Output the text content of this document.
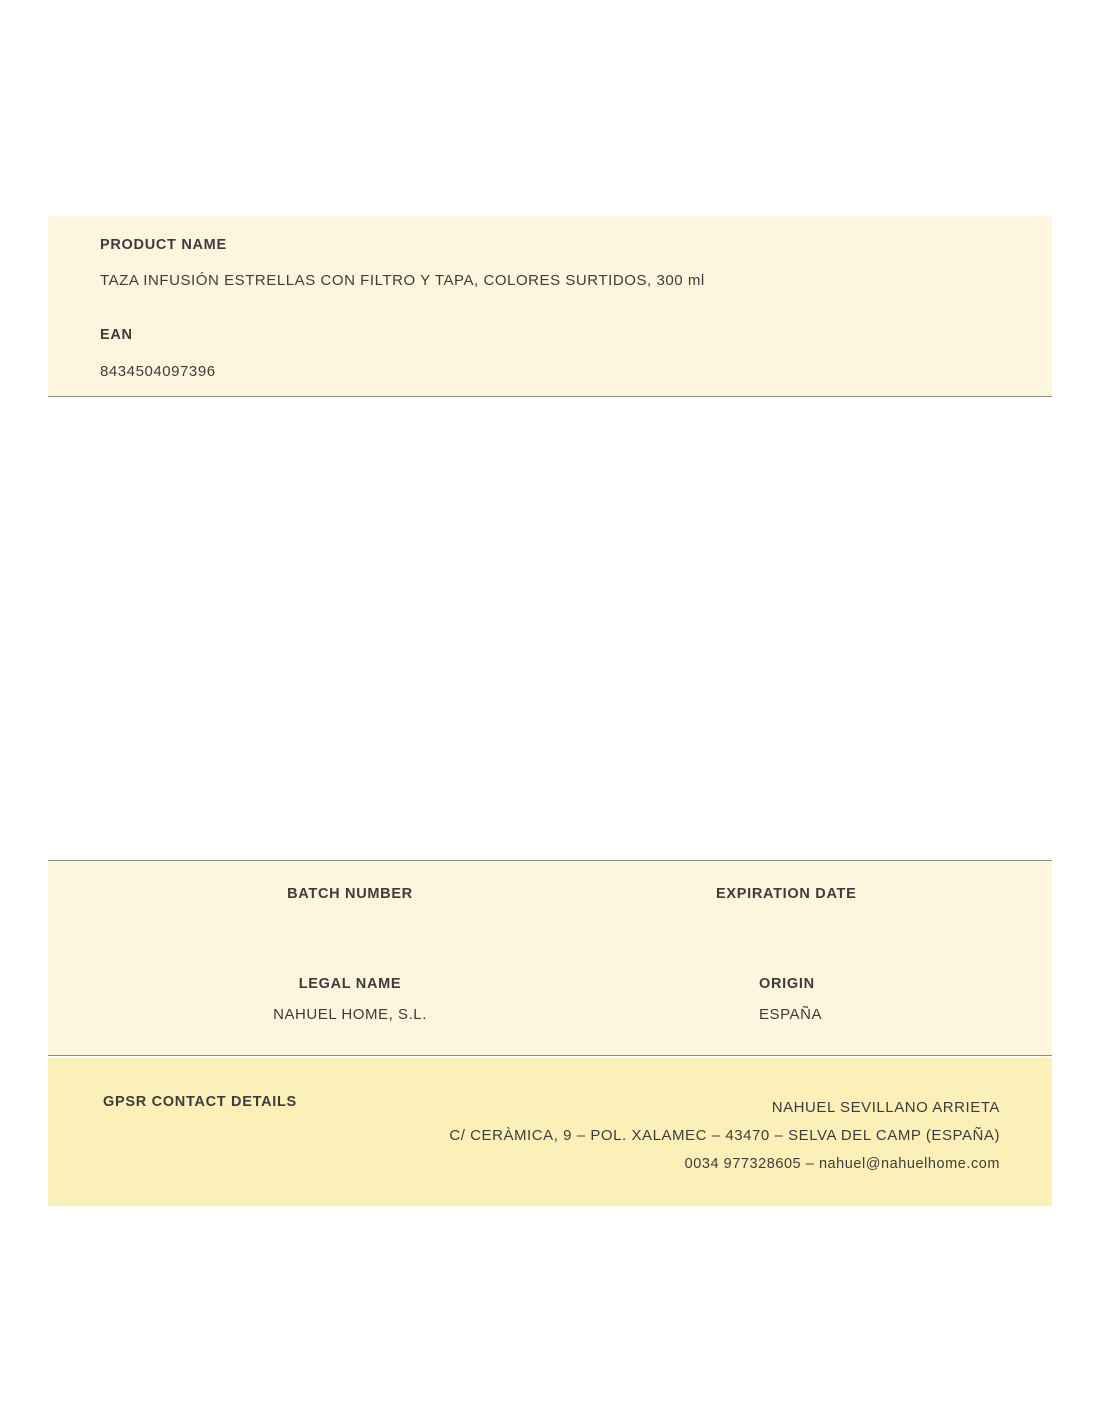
PRODUCT NAME
TAZA INFUSIÓN ESTRELLAS CON FILTRO Y TAPA, COLORES SURTIDOS, 300 ml
EAN
8434504097396
BATCH NUMBER	EXPIRATION DATE
LEGAL NAME
NAHUEL HOME, S.L.
ORIGIN
ESPAÑA
GPSR CONTACT DETAILS	NAHUEL SEVILLANO ARRIETA
C/ CERÀMICA, 9 – POL. XALAMEC – 43470 – SELVA DEL CAMP (ESPAÑA)
0034 977328605 – nahuel@nahuelhome.com
